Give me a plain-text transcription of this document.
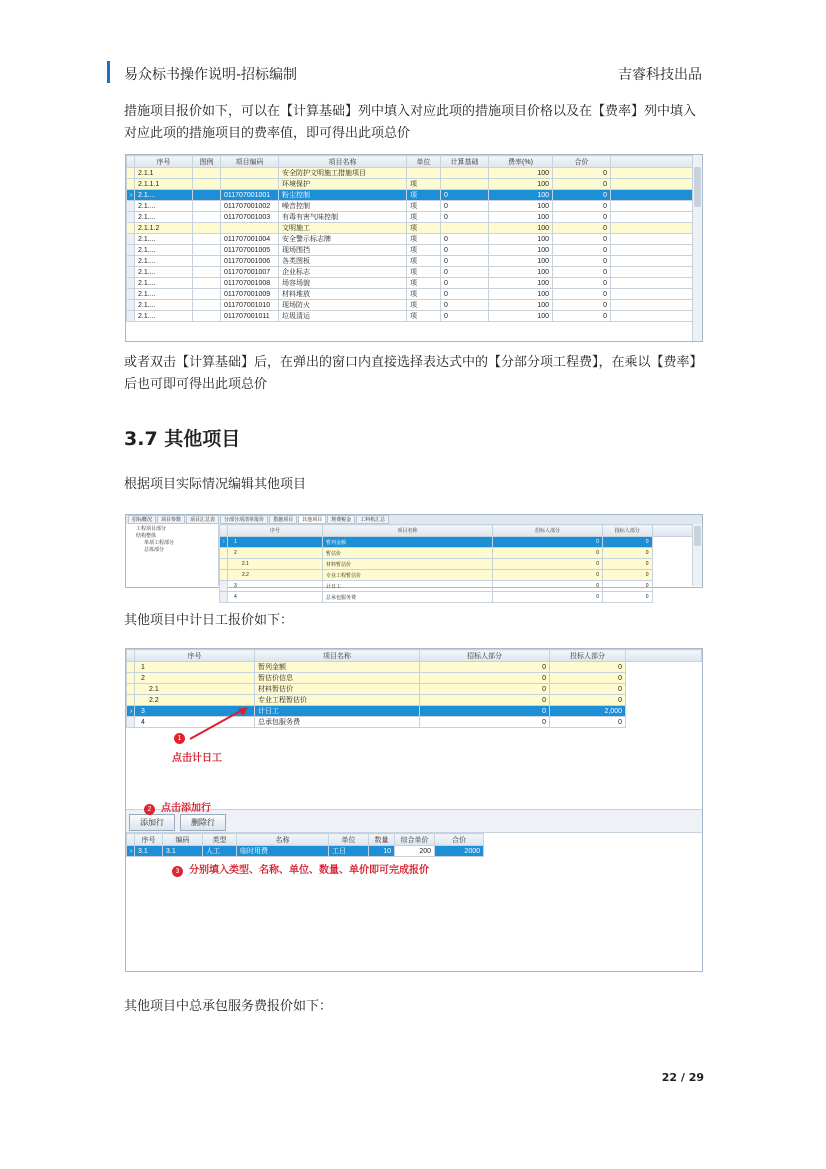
易众标书操作说明-招标编制	吉睿科技出品
措施项目报价如下，可以在【计算基础】列中填入对应此项的措施项目价格以及在【费率】列中填入对应此项的措施项目的费率值，即可得出此项总价
	序号	图例	项目编码	项目名称	单位	计算基础	费率(%)	合价	
	2.1.1			安全防护文明施工措施项目			100	0	
	2.1.1.1			环境保护	项		100	0	
›	2.1....		011707001001	粉尘控制	项	0	100	0	
	2.1....		011707001002	噪音控制	项	0	100	0	
	2.1....		011707001003	有毒有害气味控制	项	0	100	0	
	2.1.1.2			文明施工	项		100	0	
	2.1....		011707001004	安全警示标志牌	项	0	100	0	
	2.1....		011707001005	现场围挡	项	0	100	0	
	2.1....		011707001006	各类图板	项	0	100	0	
	2.1....		011707001007	企业标志	项	0	100	0	
	2.1....		011707001008	场容场貌	项	0	100	0	
	2.1....		011707001009	材料堆放	项	0	100	0	
	2.1....		011707001010	现场防火	项	0	100	0	
	2.1....		011707001011	垃圾清运	项	0	100	0	
或者双击【计算基础】后，在弹出的窗口内直接选择表达式中的【分部分项工程费】，在乘以【费率】后也可即可得出此项总价
3.7 其他项目
根据项目实际情况编辑其他项目
招标概况 项目参数 项目汇总表 分部分项清单报价 措施项目 其他项目 规费税金 工料机汇总
工程项目部分
结构整体
单项工程部分
总体部分
	序号	项目名称	招标人部分	投标人部分	
›	1	暂列金额	0	0	
	2	暂估价	0	0	
	2.1	材料暂估价	0	0	
	2.2	专业工程暂估价	0	0	
	3	计日工	0	0	
	4	总承包服务费	0	0	
其他项目中计日工报价如下：
	序号	项目名称	招标人部分	投标人部分	
	1	暂列金额	0	0	
	2	暂估价信息	0	0	
	2.1	材料暂估价	0	0	
	2.2	专业工程暂估价	0	0	
›	3	计日工	0	2,000	
	4	总承包服务费	0	0	
1
点击计日工
2 点击添加行
添加行	删除行
	序号	编码	类型	名称	单位	数量	综合单价	合价
›	3.1	3.1	人工	临时用费	工日	10	200	2000
3 分别填入类型、名称、单位、数量、单价即可完成报价
其他项目中总承包服务费报价如下：
22 / 29
